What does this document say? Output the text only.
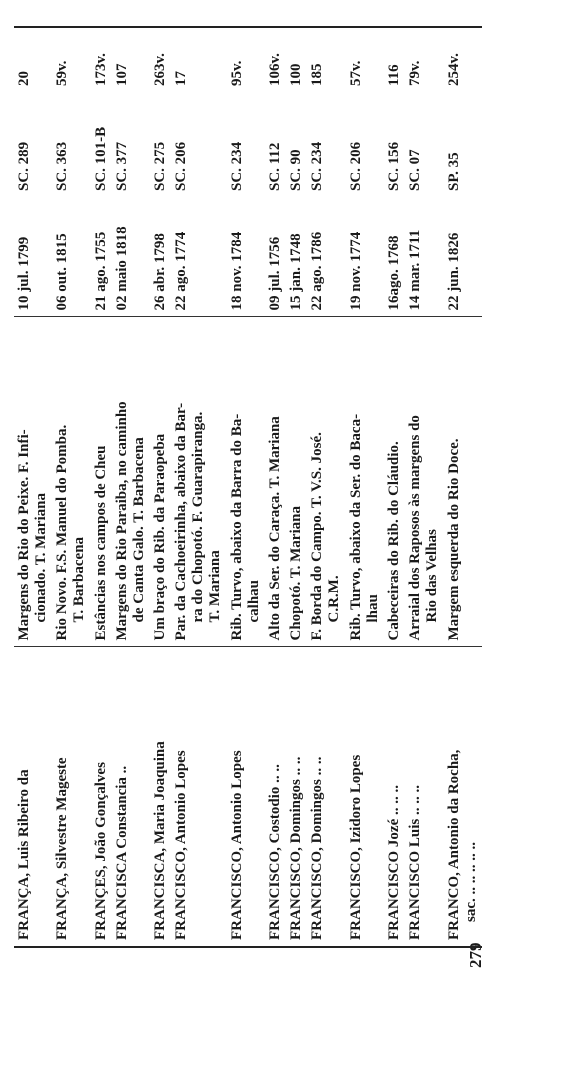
279
FRANÇA, Luis Ribeiro da	Margens do Rio do Peixe. F. Infi- cionado. T. Mariana	10 jul. 1799	SC. 289	20

FRANÇA, Silvestre Mageste	Rio Novo. F.S. Manuel do Pomba. T. Barbacena	06 out. 1815	SC. 363	59v.

FRANÇES, João Gonçalves	Estâncias nos campos de Cheu	21 ago. 1755	SC. 101-B	173v.

FRANCISCA Constancia ..	Margens do Rio Paraiba, no caminho de Canta Galo. T. Barbacena	02 maio 1818	SC. 377	107

FRANCISCA, Maria Joaquina	Um braço do Rib. da Paraopeba	26 abr. 1798	SC. 275	263v.

FRANCISCO, Antonio Lopes	Par. da Cachoeirinha, abaixo da Bar- ra do Chopotó. F. Guarapiranga. T. Mariana	22 ago. 1774	SC. 206	17

FRANCISCO, Antonio Lopes	Rib. Turvo, abaixo da Barra do Ba- calhau	18 nov. 1784	SC. 234	95v.

FRANCISCO, Costodio .. ..	Alto da Ser. do Caraça. T. Mariana	09 jul. 1756	SC. 112	106v.

FRANCISCO, Domingos .. ..	Chopotó. T. Mariana	15 jan. 1748	SC. 90	100

FRANCISCO, Domingos .. ..	F. Borda do Campo. T. V.S. José. C.R.M.	22 ago. 1786	SC. 234	185

FRANCISCO, Izidoro Lopes	Rib. Turvo, abaixo da Ser. do Baca- lhau	19 nov. 1774	SC. 206	57v.

FRANCISCO Jozé .. .. ..	Cabeceiras do Rib. do Cláudio.	16ago. 1768	SC. 156	116

FRANCISCO Luis .. .. ..	Arraial dos Raposos às margens do Rio das Velhas	14 mar. 1711	SC. 07	79v.

FRANCO, Antonio da Rocha, sac. .. .. .. .. ..	Margem esquerda do Rio Doce.	22 jun. 1826	SP. 35	254v.
